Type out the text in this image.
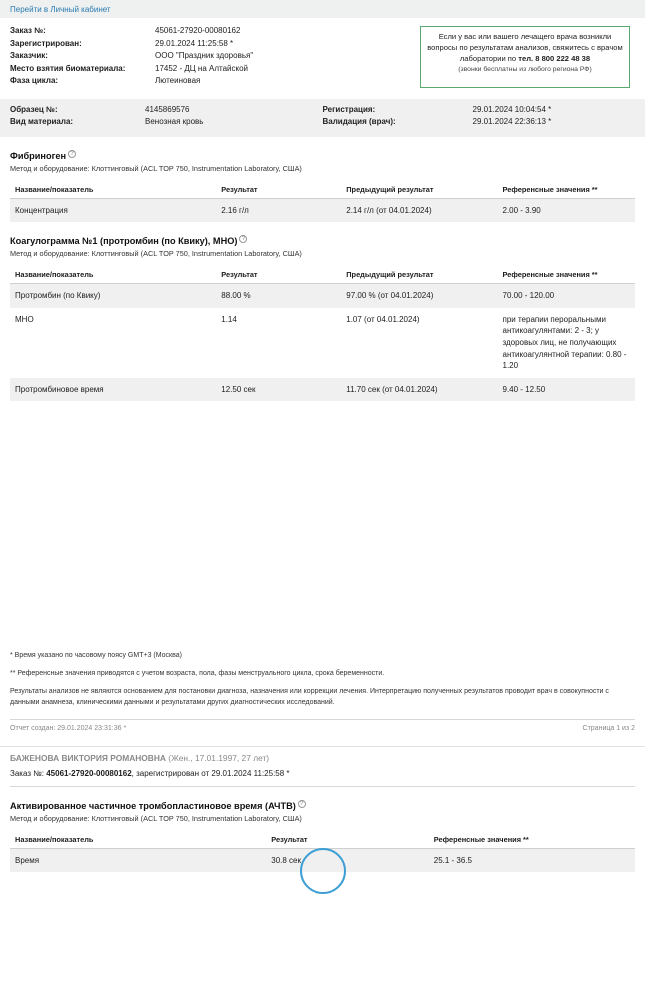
Перейти в Личный кабинет
Заказ №:	45061-27920-00080162
Зарегистрирован:	29.01.2024 11:25:58 *
Заказчик:	ООО "Праздник здоровья"
Место взятия биоматериала:	17452 - ДЦ на Алтайской
Фаза цикла:	Лютеиновая
Если у вас или вашего лечащего врача возникли вопросы по результатам анализов, свяжитесь с врачом лаборатории по тел. 8 800 222 48 38
(звонки бесплатны из любого региона РФ)
Образец №:	4145869576
Вид материала:	Венозная кровь
Регистрация:	29.01.2024 10:04:54 *
Валидация (врач):	29.01.2024 22:36:13 *
Фибриноген ?
Метод и оборудование: Клоттинговый (ACL TOP 750, Instrumentation Laboratory, США)
Название/показатель	Результат	Предыдущий результат	Референсные значения **
Концентрация	2.16 г/л	2.14 г/л (от 04.01.2024)	2.00 - 3.90
Коагулограмма №1 (протромбин (по Квику), МНО) ?
Метод и оборудование: Клоттинговый (ACL TOP 750, Instrumentation Laboratory, США)
Название/показатель	Результат	Предыдущий результат	Референсные значения **
Протромбин (по Квику)	88.00 %	97.00 % (от 04.01.2024)	70.00 - 120.00
МНО	1.14	1.07 (от 04.01.2024)	при терапии пероральными антикоагулянтами: 2 - 3; у здоровых лиц, не получающих антикоагулянтной терапии: 0.80 - 1.20
Протромбиновое время	12.50 сек	11.70 сек (от 04.01.2024)	9.40 - 12.50

* Время указано по часовому поясу GMT+3 (Москва)

** Референсные значения приводятся с учетом возраста, пола, фазы менструального цикла, срока беременности.

Результаты анализов не являются основанием для постановки диагноза, назначения или коррекции лечения. Интерпретацию полученных результатов проводит врач в совокупности с данными анамнеза, клиническими данными и результатами других диагностических исследований.

Отчет создан: 29.01.2024 23:31:36 *	Страница 1 из 2
БАЖЕНОВА ВИКТОРИЯ РОМАНОВНА (Жен., 17.01.1997, 27 лет)
Заказ №: 45061-27920-00080162, зарегистрирован от 29.01.2024 11:25:58 *
Активированное частичное тромбопластиновое время (АЧТВ) ?
Метод и оборудование: Клоттинговый (ACL TOP 750, Instrumentation Laboratory, США)
Название/показатель	Результат	Референсные значения **
Время	30.8 сек	25.1 - 36.5
